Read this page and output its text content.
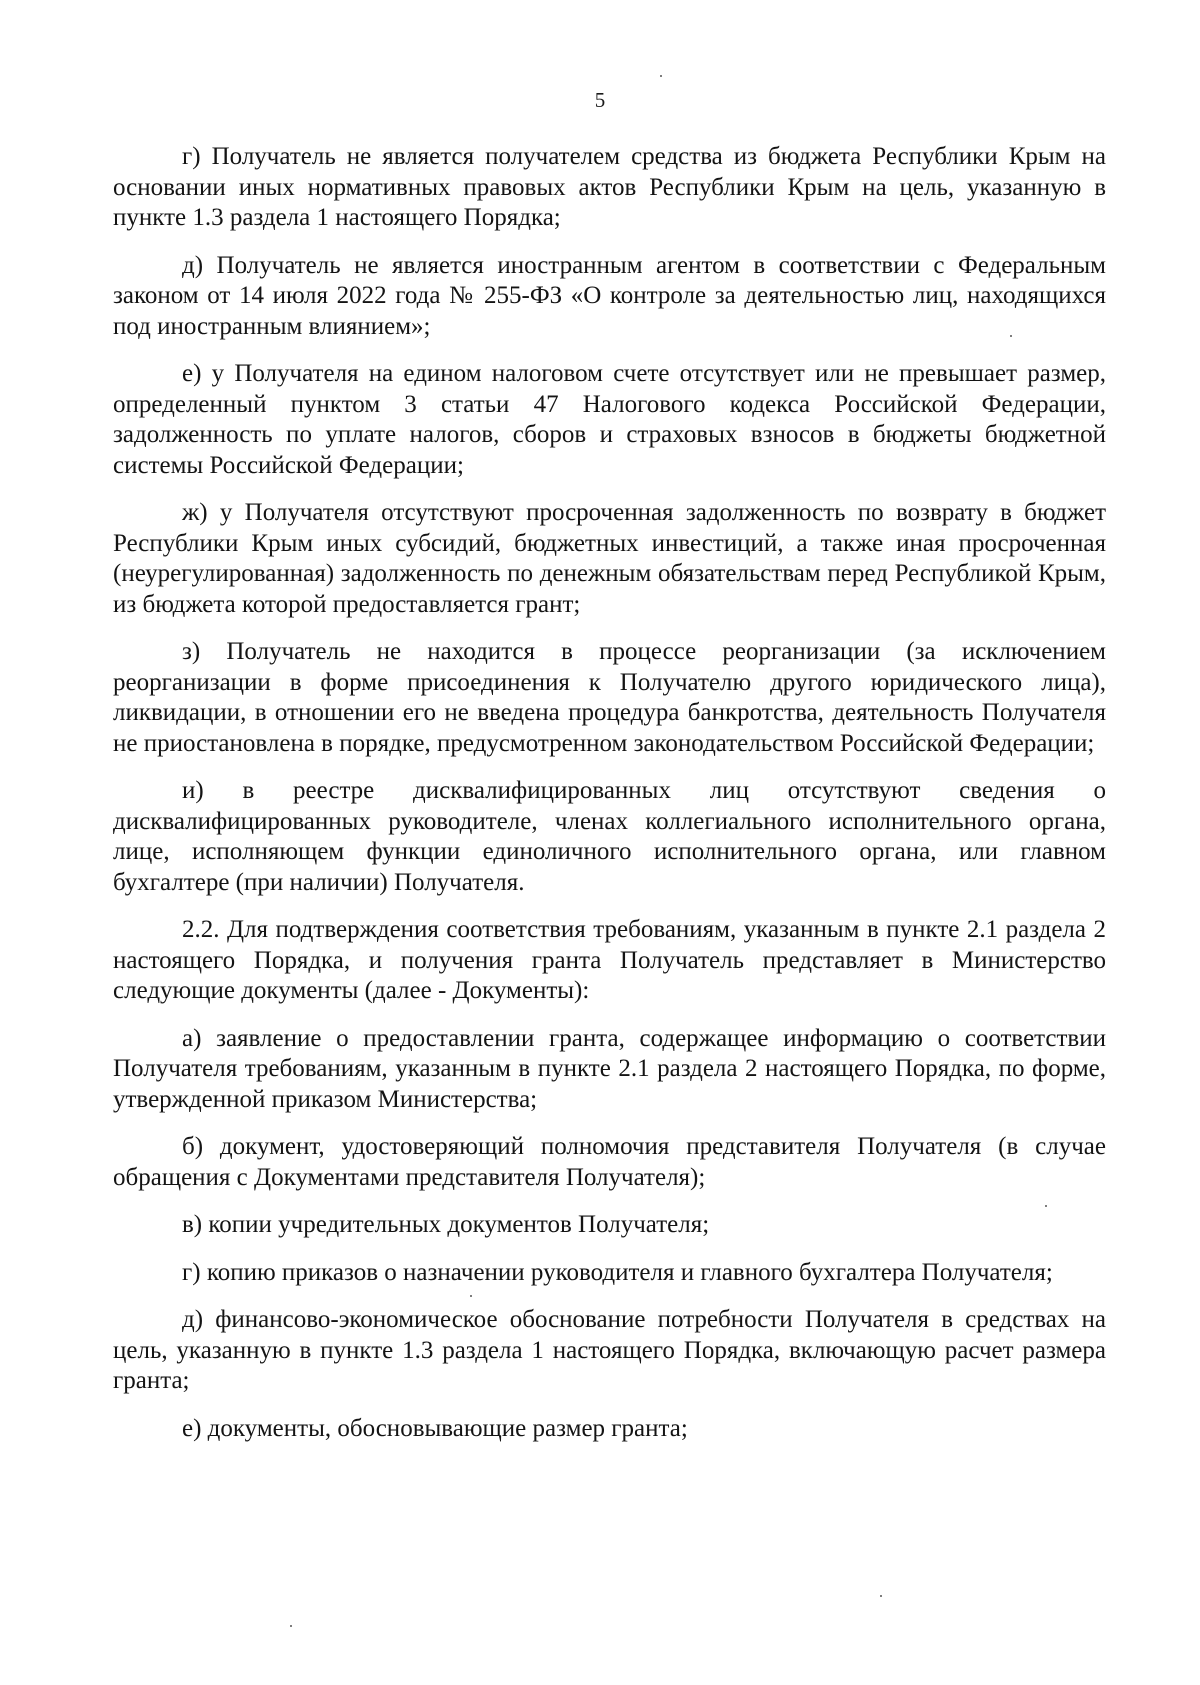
5

г) Получатель не является получателем средства из бюджета Республики Крым на основании иных нормативных правовых актов Республики Крым на цель, указанную в пункте 1.3 раздела 1 настоящего Порядка;

д) Получатель не является иностранным агентом в соответствии с Федеральным законом от 14 июля 2022 года № 255-ФЗ «О контроле за деятельностью лиц, находящихся под иностранным влиянием»;

е) у Получателя на едином налоговом счете отсутствует или не превышает размер, определенный пунктом 3 статьи 47 Налогового кодекса Российской Федерации, задолженность по уплате налогов, сборов и страховых взносов в бюджеты бюджетной системы Российской Федерации;

ж) у Получателя отсутствуют просроченная задолженность по возврату в бюджет Республики Крым иных субсидий, бюджетных инвестиций, а также иная просроченная (неурегулированная) задолженность по денежным обязательствам перед Республикой Крым, из бюджета которой предоставляется грант;

з) Получатель не находится в процессе реорганизации (за исключением реорганизации в форме присоединения к Получателю другого юридического лица), ликвидации, в отношении его не введена процедура банкротства, деятельность Получателя не приостановлена в порядке, предусмотренном законодательством Российской Федерации;

и) в реестре дисквалифицированных лиц отсутствуют сведения о дисквалифицированных руководителе, членах коллегиального исполнительного органа, лице, исполняющем функции единоличного исполнительного органа, или главном бухгалтере (при наличии) Получателя.

2.2. Для подтверждения соответствия требованиям, указанным в пункте 2.1 раздела 2 настоящего Порядка, и получения гранта Получатель представляет в Министерство следующие документы (далее - Документы):

а) заявление о предоставлении гранта, содержащее информацию о соответствии Получателя требованиям, указанным в пункте 2.1 раздела 2 настоящего Порядка, по форме, утвержденной приказом Министерства;

б) документ, удостоверяющий полномочия представителя Получателя (в случае обращения с Документами представителя Получателя);

в) копии учредительных документов Получателя;

г) копию приказов о назначении руководителя и главного бухгалтера Получателя;

д) финансово-экономическое обоснование потребности Получателя в средствах на цель, указанную в пункте 1.3 раздела 1 настоящего Порядка, включающую расчет размера гранта;

е) документы, обосновывающие размер гранта;
